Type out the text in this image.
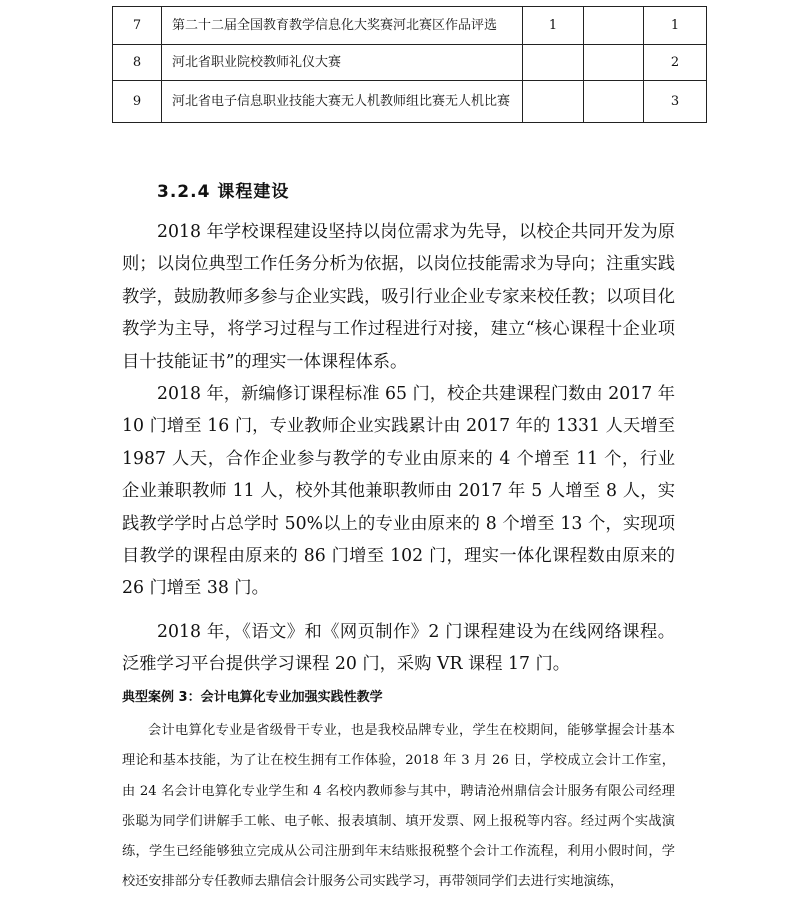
7	第二十二届全国教育教学信息化大奖赛河北赛区作品评选	1		1
8	河北省职业院校教师礼仪大赛			2
9	河北省电子信息职业技能大赛无人机教师组比赛无人机比赛			3
3.2.4 课程建设

2018 年学校课程建设坚持以岗位需求为先导，以校企共同开发为原则；以岗位典型工作任务分析为依据，以岗位技能需求为导向；注重实践教学，鼓励教师多参与企业实践，吸引行业企业专家来校任教；以项目化教学为主导，将学习过程与工作过程进行对接，建立“核心课程十企业项目十技能证书”的理实一体课程体系。

2018 年，新编修订课程标准 65 门，校企共建课程门数由 2017 年 10 门增至 16 门，专业教师企业实践累计由 2017 年的 1331 人天增至 1987 人天，合作企业参与教学的专业由原来的 4 个增至 11 个，行业企业兼职教师 11 人，校外其他兼职教师由 2017 年 5 人增至 8 人，实践教学学时占总学时 50%以上的专业由原来的 8 个增至 13 个，实现项目教学的课程由原来的 86 门增至 102 门，理实一体化课程数由原来的 26 门增至 38 门。

2018 年，《语文》和《网页制作》2 门课程建设为在线网络课程。泛雅学习平台提供学习课程 20 门，采购 VR 课程 17 门。

典型案例 3：会计电算化专业加强实践性教学

会计电算化专业是省级骨干专业，也是我校品牌专业，学生在校期间，能够掌握会计基本理论和基本技能，为了让在校生拥有工作体验，2018 年 3 月 26 日，学校成立会计工作室，由 24 名会计电算化专业学生和 4 名校内教师参与其中，聘请沧州鼎信会计服务有限公司经理张聪为同学们讲解手工帐、电子帐、报表填制、填开发票、网上报税等内容。经过两个实战演练，学生已经能够独立完成从公司注册到年末结账报税整个会计工作流程，利用小假时间，学校还安排部分专任教师去鼎信会计服务公司实践学习，再带领同学们去进行实地演练，
